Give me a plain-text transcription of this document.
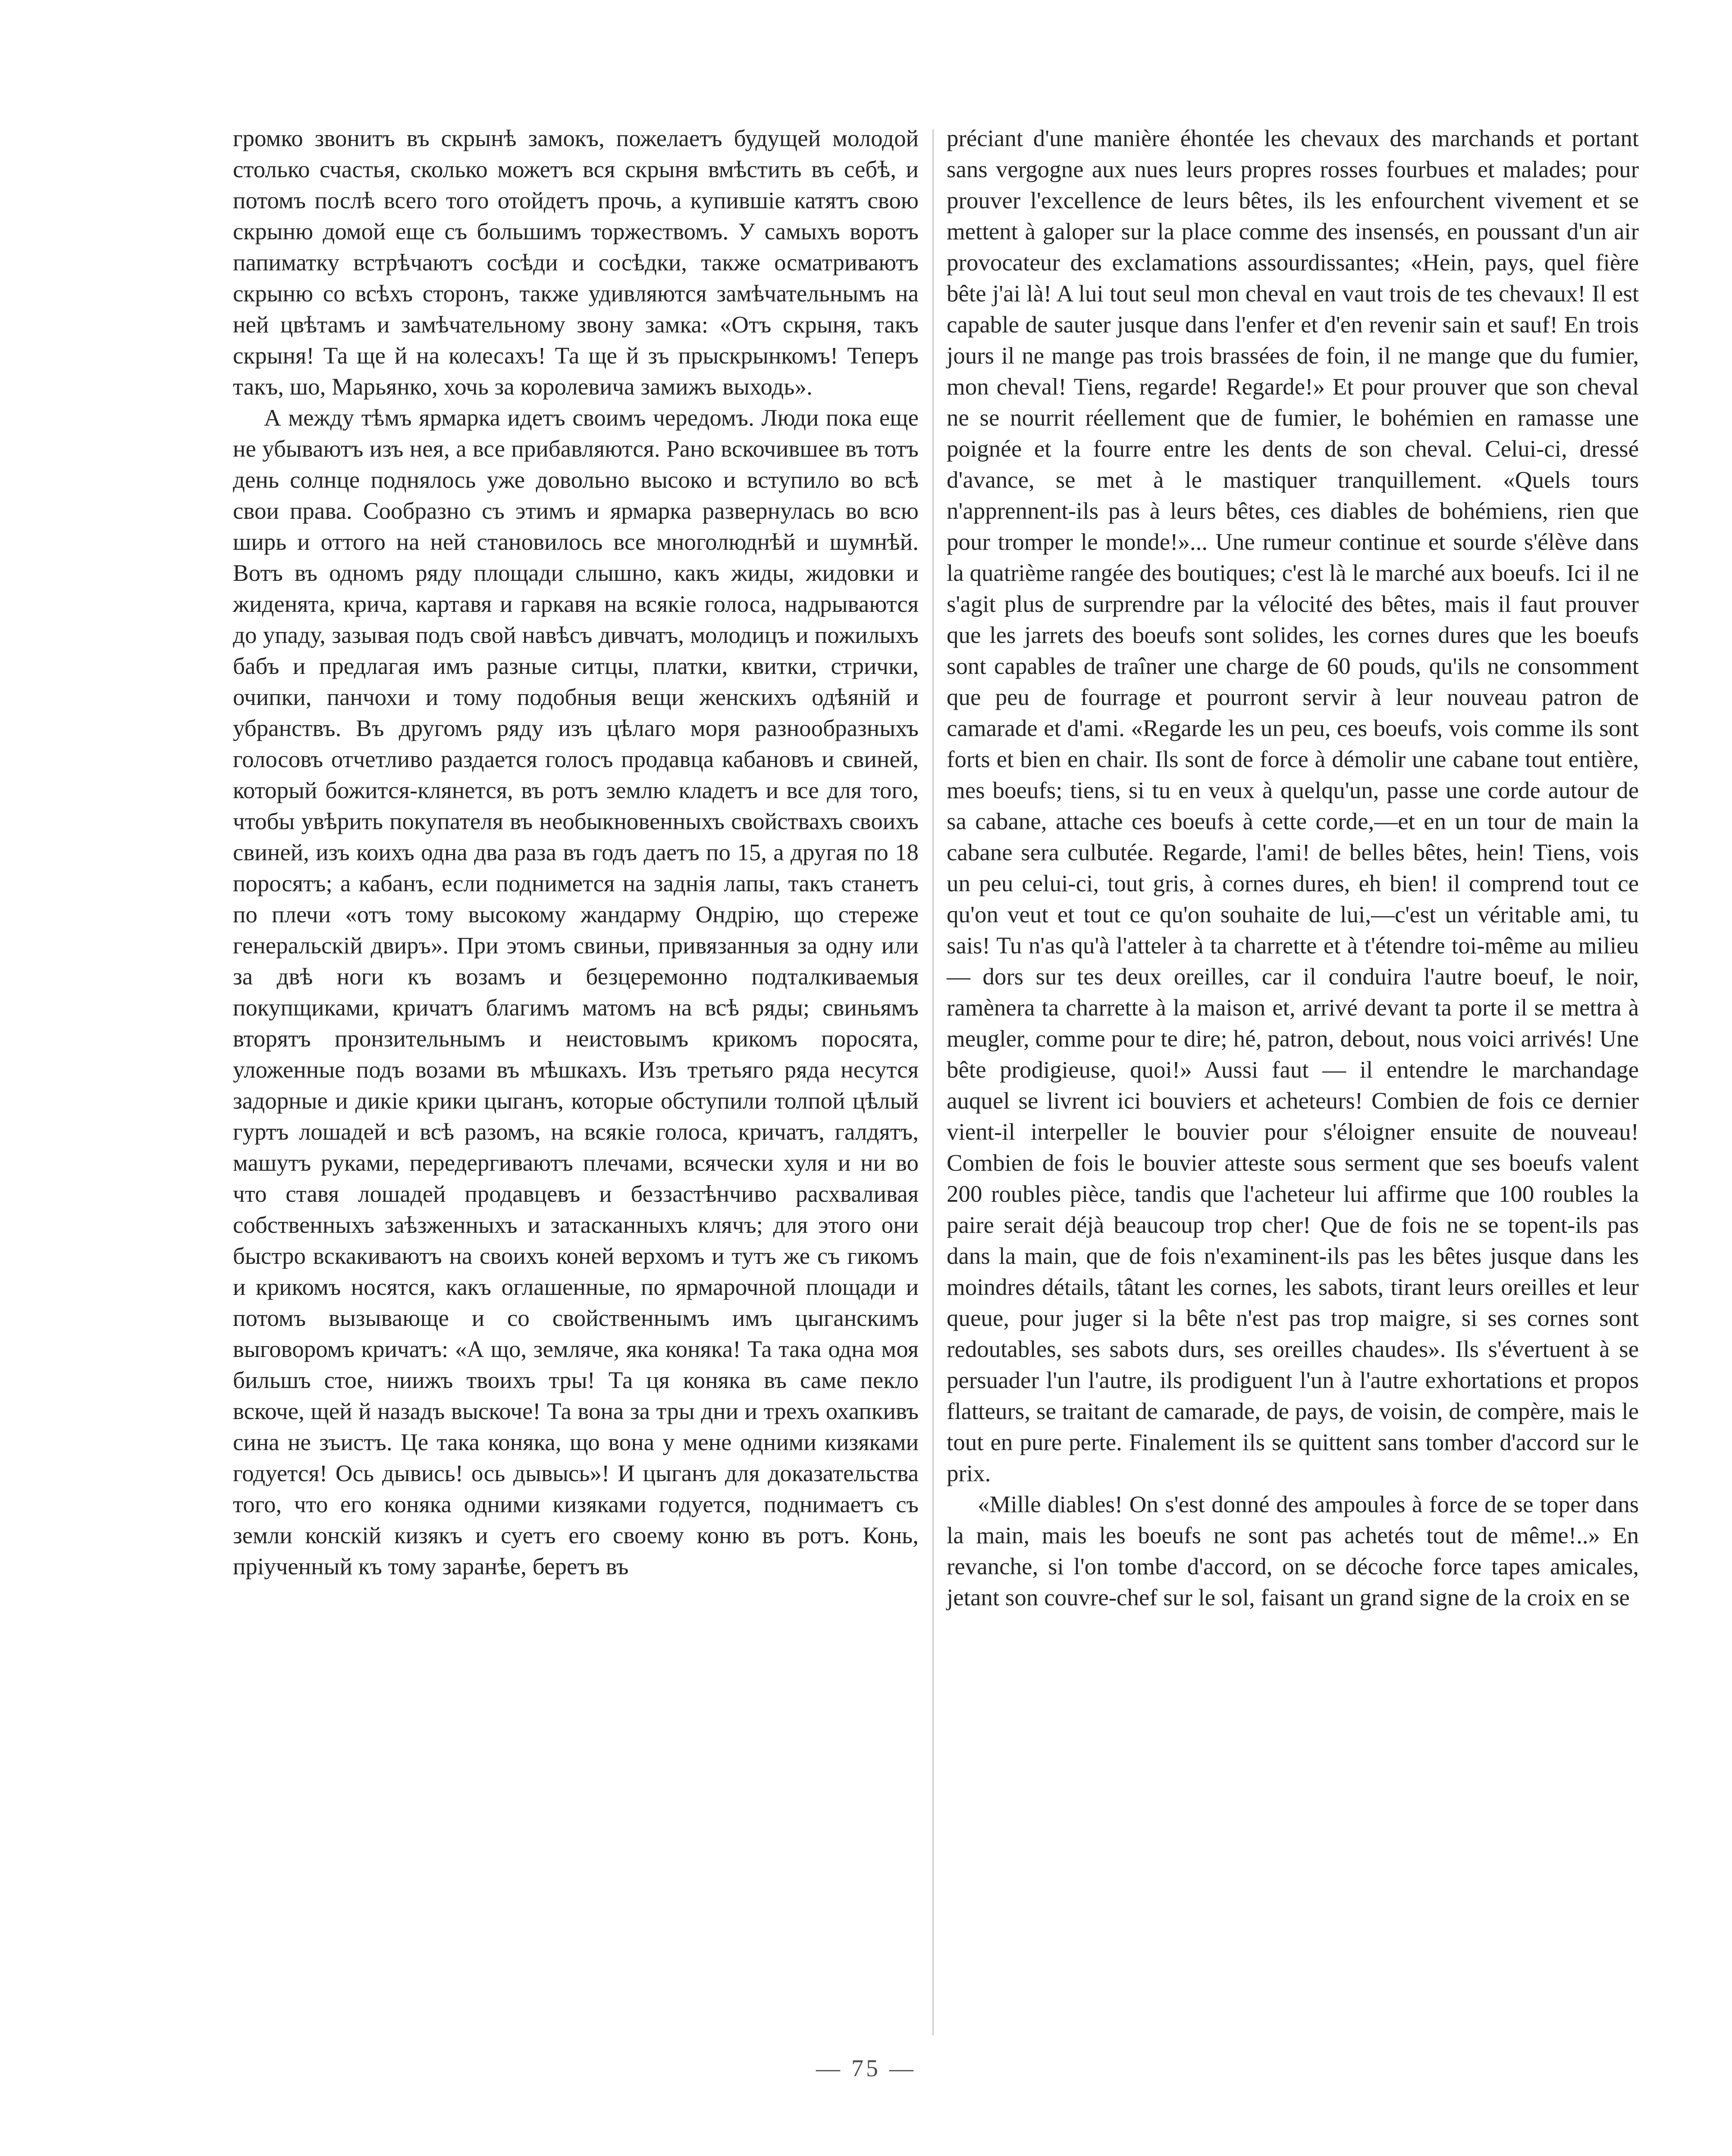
громко звонитъ въ скрынѣ замокъ, пожелаетъ будущей молодой столько счастья, сколько можетъ вся скрыня вмѣстить въ себѣ, и потомъ послѣ всего того отойдетъ прочь, а купившіе катятъ свою скрыню домой еще съ большимъ торжествомъ. У самыхъ воротъ папиматку встрѣчаютъ сосѣди и сосѣдки, также осматриваютъ скрыню со всѣхъ сторонъ, также удивляются замѣчательнымъ на ней цвѣтамъ и замѣчательному звону замка: «Отъ скрыня, такъ скрыня! Та ще й на колесахъ! Та ще й зъ прыскрынкомъ! Теперъ такъ, шо, Марьянко, хочь за королевича замижъ выходь».

А между тѣмъ ярмарка идетъ своимъ чередомъ. Люди пока еще не убываютъ изъ нея, а все прибавляются. Рано вскочившее въ тотъ день солнце поднялось уже довольно высоко и вступило во всѣ свои права. Сообразно съ этимъ и ярмарка развернулась во всю ширь и оттого на ней становилось все многолюднѣй и шумнѣй. Вотъ въ одномъ ряду площади слышно, какъ жиды, жидовки и жиденята, крича, картавя и гаркавя на всякіе голоса, надрываются до упаду, зазывая подъ свой навѣсъ дивчатъ, молодицъ и пожилыхъ бабъ и предлагая имъ разные ситцы, платки, квитки, стрички, очипки, панчохи и тому подобныя вещи женскихъ одѣяній и убранствъ. Въ другомъ ряду изъ цѣлаго моря разнообразныхъ голосовъ отчетливо раздается голосъ продавца кабановъ и свиней, который божится-клянется, въ ротъ землю кладетъ и все для того, чтобы увѣрить покупателя въ необыкновенныхъ свойствахъ своихъ свиней, изъ коихъ одна два раза въ годъ даетъ по 15, а другая по 18 поросятъ; а кабанъ, если поднимется на заднія лапы, такъ станетъ по плечи «отъ тому высокому жандарму Ондрію, що стереже генеральскій двиръ». При этомъ свиньи, привязанныя за одну или за двѣ ноги къ возамъ и безцеремонно подталкиваемыя покупщиками, кричатъ благимъ матомъ на всѣ ряды; свиньямъ вторятъ пронзительнымъ и неистовымъ крикомъ поросята, уложенные подъ возами въ мѣшкахъ. Изъ третьяго ряда несутся задорные и дикіе крики цыганъ, которые обступили толпой цѣлый гуртъ лошадей и всѣ разомъ, на всякіе голоса, кричатъ, галдятъ, машутъ руками, передергиваютъ плечами, всячески хуля и ни во что ставя лошадей продавцевъ и беззастѣнчиво расхваливая собственныхъ заѣзженныхъ и затасканныхъ клячъ; для этого они быстро вскакиваютъ на своихъ коней верхомъ и тутъ же съ гикомъ и крикомъ носятся, какъ оглашенные, по ярмарочной площади и потомъ вызывающе и со свойственнымъ имъ цыганскимъ выговоромъ кричатъ: «А що, земляче, яка коняка! Та така одна моя бильшъ стое, ниижъ твоихъ тры! Та ця коняка въ саме пекло вскоче, щей й назадъ выскоче! Та вона за тры дни и трехъ охапкивъ сина не зъистъ. Це така коняка, що вона у мене одними кизяками годуется! Ось дывись! ось дывысь»! И цыганъ для доказательства того, что его коняка одними кизяками годуется, поднимаетъ съ земли конскій кизякъ и суетъ его своему коню въ ротъ. Конь, пріученный къ тому заранѣе, беретъ въ

préciant d'une manière éhontée les chevaux des marchands et portant sans vergogne aux nues leurs propres rosses fourbues et malades; pour prouver l'excellence de leurs bêtes, ils les enfourchent vivement et se mettent à galoper sur la place comme des insensés, en poussant d'un air provocateur des exclamations assourdissantes; «Hein, pays, quel fière bête j'ai là! A lui tout seul mon cheval en vaut trois de tes chevaux! Il est capable de sauter jusque dans l'enfer et d'en revenir sain et sauf! En trois jours il ne mange pas trois brassées de foin, il ne mange que du fumier, mon cheval! Tiens, regarde! Regarde!» Et pour prouver que son cheval ne se nourrit réellement que de fumier, le bohémien en ramasse une poignée et la fourre entre les dents de son cheval. Celui-ci, dressé d'avance, se met à le mastiquer tranquillement. «Quels tours n'apprennent-ils pas à leurs bêtes, ces diables de bohémiens, rien que pour tromper le monde!»... Une rumeur continue et sourde s'élève dans la quatrième rangée des boutiques; c'est là le marché aux boeufs. Ici il ne s'agit plus de surprendre par la vélocité des bêtes, mais il faut prouver que les jarrets des boeufs sont solides, les cornes dures que les boeufs sont capables de traîner une charge de 60 pouds, qu'ils ne consomment que peu de fourrage et pourront servir à leur nouveau patron de camarade et d'ami. «Regarde les un peu, ces boeufs, vois comme ils sont forts et bien en chair. Ils sont de force à démolir une cabane tout entière, mes boeufs; tiens, si tu en veux à quelqu'un, passe une corde autour de sa cabane, attache ces boeufs à cette corde,—et en un tour de main la cabane sera culbutée. Regarde, l'ami! de belles bêtes, hein! Tiens, vois un peu celui-ci, tout gris, à cornes dures, eh bien! il comprend tout ce qu'on veut et tout ce qu'on souhaite de lui,—c'est un véritable ami, tu sais! Tu n'as qu'à l'atteler à ta charrette et à t'étendre toi-même au milieu — dors sur tes deux oreilles, car il conduira l'autre boeuf, le noir, ramènera ta charrette à la maison et, arrivé devant ta porte il se mettra à meugler, comme pour te dire; hé, patron, debout, nous voici arrivés! Une bête prodigieuse, quoi!» Aussi faut — il entendre le marchandage auquel se livrent ici bouviers et acheteurs! Combien de fois ce dernier vient-il interpeller le bouvier pour s'éloigner ensuite de nouveau! Combien de fois le bouvier atteste sous serment que ses boeufs valent 200 roubles pièce, tandis que l'acheteur lui affirme que 100 roubles la paire serait déjà beaucoup trop cher! Que de fois ne se topent-ils pas dans la main, que de fois n'examinent-ils pas les bêtes jusque dans les moindres détails, tâtant les cornes, les sabots, tirant leurs oreilles et leur queue, pour juger si la bête n'est pas trop maigre, si ses cornes sont redoutables, ses sabots durs, ses oreilles chaudes». Ils s'évertuent à se persuader l'un l'autre, ils prodiguent l'un à l'autre exhortations et propos flatteurs, se traitant de camarade, de pays, de voisin, de compère, mais le tout en pure perte. Finalement ils se quittent sans tomber d'accord sur le prix.

«Mille diables! On s'est donné des ampoules à force de se toper dans la main, mais les boeufs ne sont pas achetés tout de même!..» En revanche, si l'on tombe d'accord, on se décoche force tapes amicales, jetant son couvre-chef sur le sol, faisant un grand signe de la croix en se

— 75 —
